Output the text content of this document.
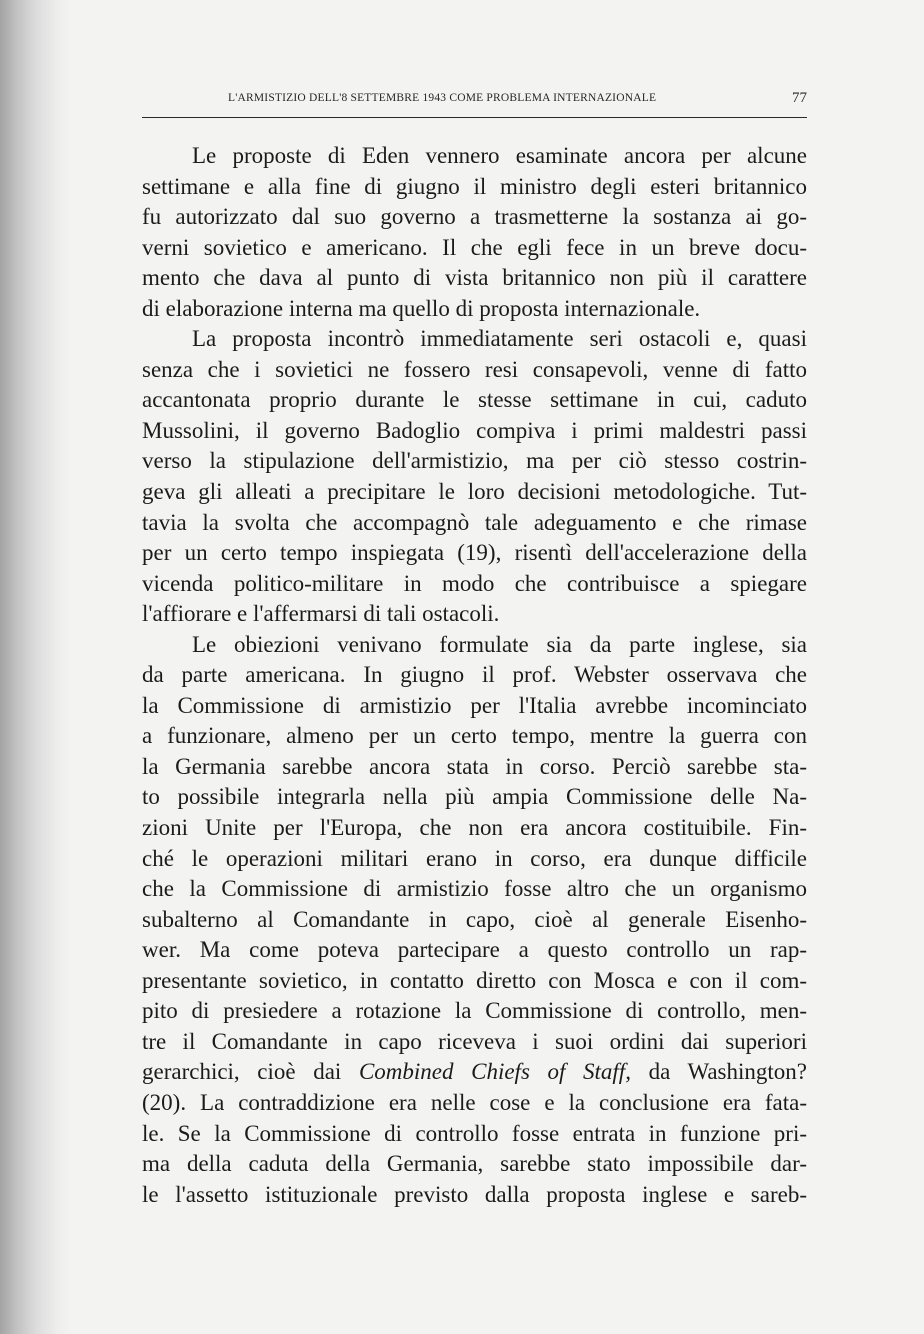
L'ARMISTIZIO DELL'8 SETTEMBRE 1943 COME PROBLEMA INTERNAZIONALE	77
Le proposte di Eden vennero esaminate ancora per alcune
settimane e alla fine di giugno il ministro degli esteri britannico
fu autorizzato dal suo governo a trasmetterne la sostanza ai go-
verni sovietico e americano. Il che egli fece in un breve docu-
mento che dava al punto di vista britannico non più il carattere
di elaborazione interna ma quello di proposta internazionale.
La proposta incontrò immediatamente seri ostacoli e, quasi
senza che i sovietici ne fossero resi consapevoli, venne di fatto
accantonata proprio durante le stesse settimane in cui, caduto
Mussolini, il governo Badoglio compiva i primi maldestri passi
verso la stipulazione dell'armistizio, ma per ciò stesso costrin-
geva gli alleati a precipitare le loro decisioni metodologiche. Tut-
tavia la svolta che accompagnò tale adeguamento e che rimase
per un certo tempo inspiegata (19), risentì dell'accelerazione della
vicenda politico-militare in modo che contribuisce a spiegare
l'affiorare e l'affermarsi di tali ostacoli.
Le obiezioni venivano formulate sia da parte inglese, sia
da parte americana. In giugno il prof. Webster osservava che
la Commissione di armistizio per l'Italia avrebbe incominciato
a funzionare, almeno per un certo tempo, mentre la guerra con
la Germania sarebbe ancora stata in corso. Perciò sarebbe sta-
to possibile integrarla nella più ampia Commissione delle Na-
zioni Unite per l'Europa, che non era ancora costituibile. Fin-
ché le operazioni militari erano in corso, era dunque difficile
che la Commissione di armistizio fosse altro che un organismo
subalterno al Comandante in capo, cioè al generale Eisenho-
wer. Ma come poteva partecipare a questo controllo un rap-
presentante sovietico, in contatto diretto con Mosca e con il com-
pito di presiedere a rotazione la Commissione di controllo, men-
tre il Comandante in capo riceveva i suoi ordini dai superiori
gerarchici, cioè dai Combined Chiefs of Staff, da Washington?
(20). La contraddizione era nelle cose e la conclusione era fata-
le. Se la Commissione di controllo fosse entrata in funzione pri-
ma della caduta della Germania, sarebbe stato impossibile dar-
le l'assetto istituzionale previsto dalla proposta inglese e sareb-
